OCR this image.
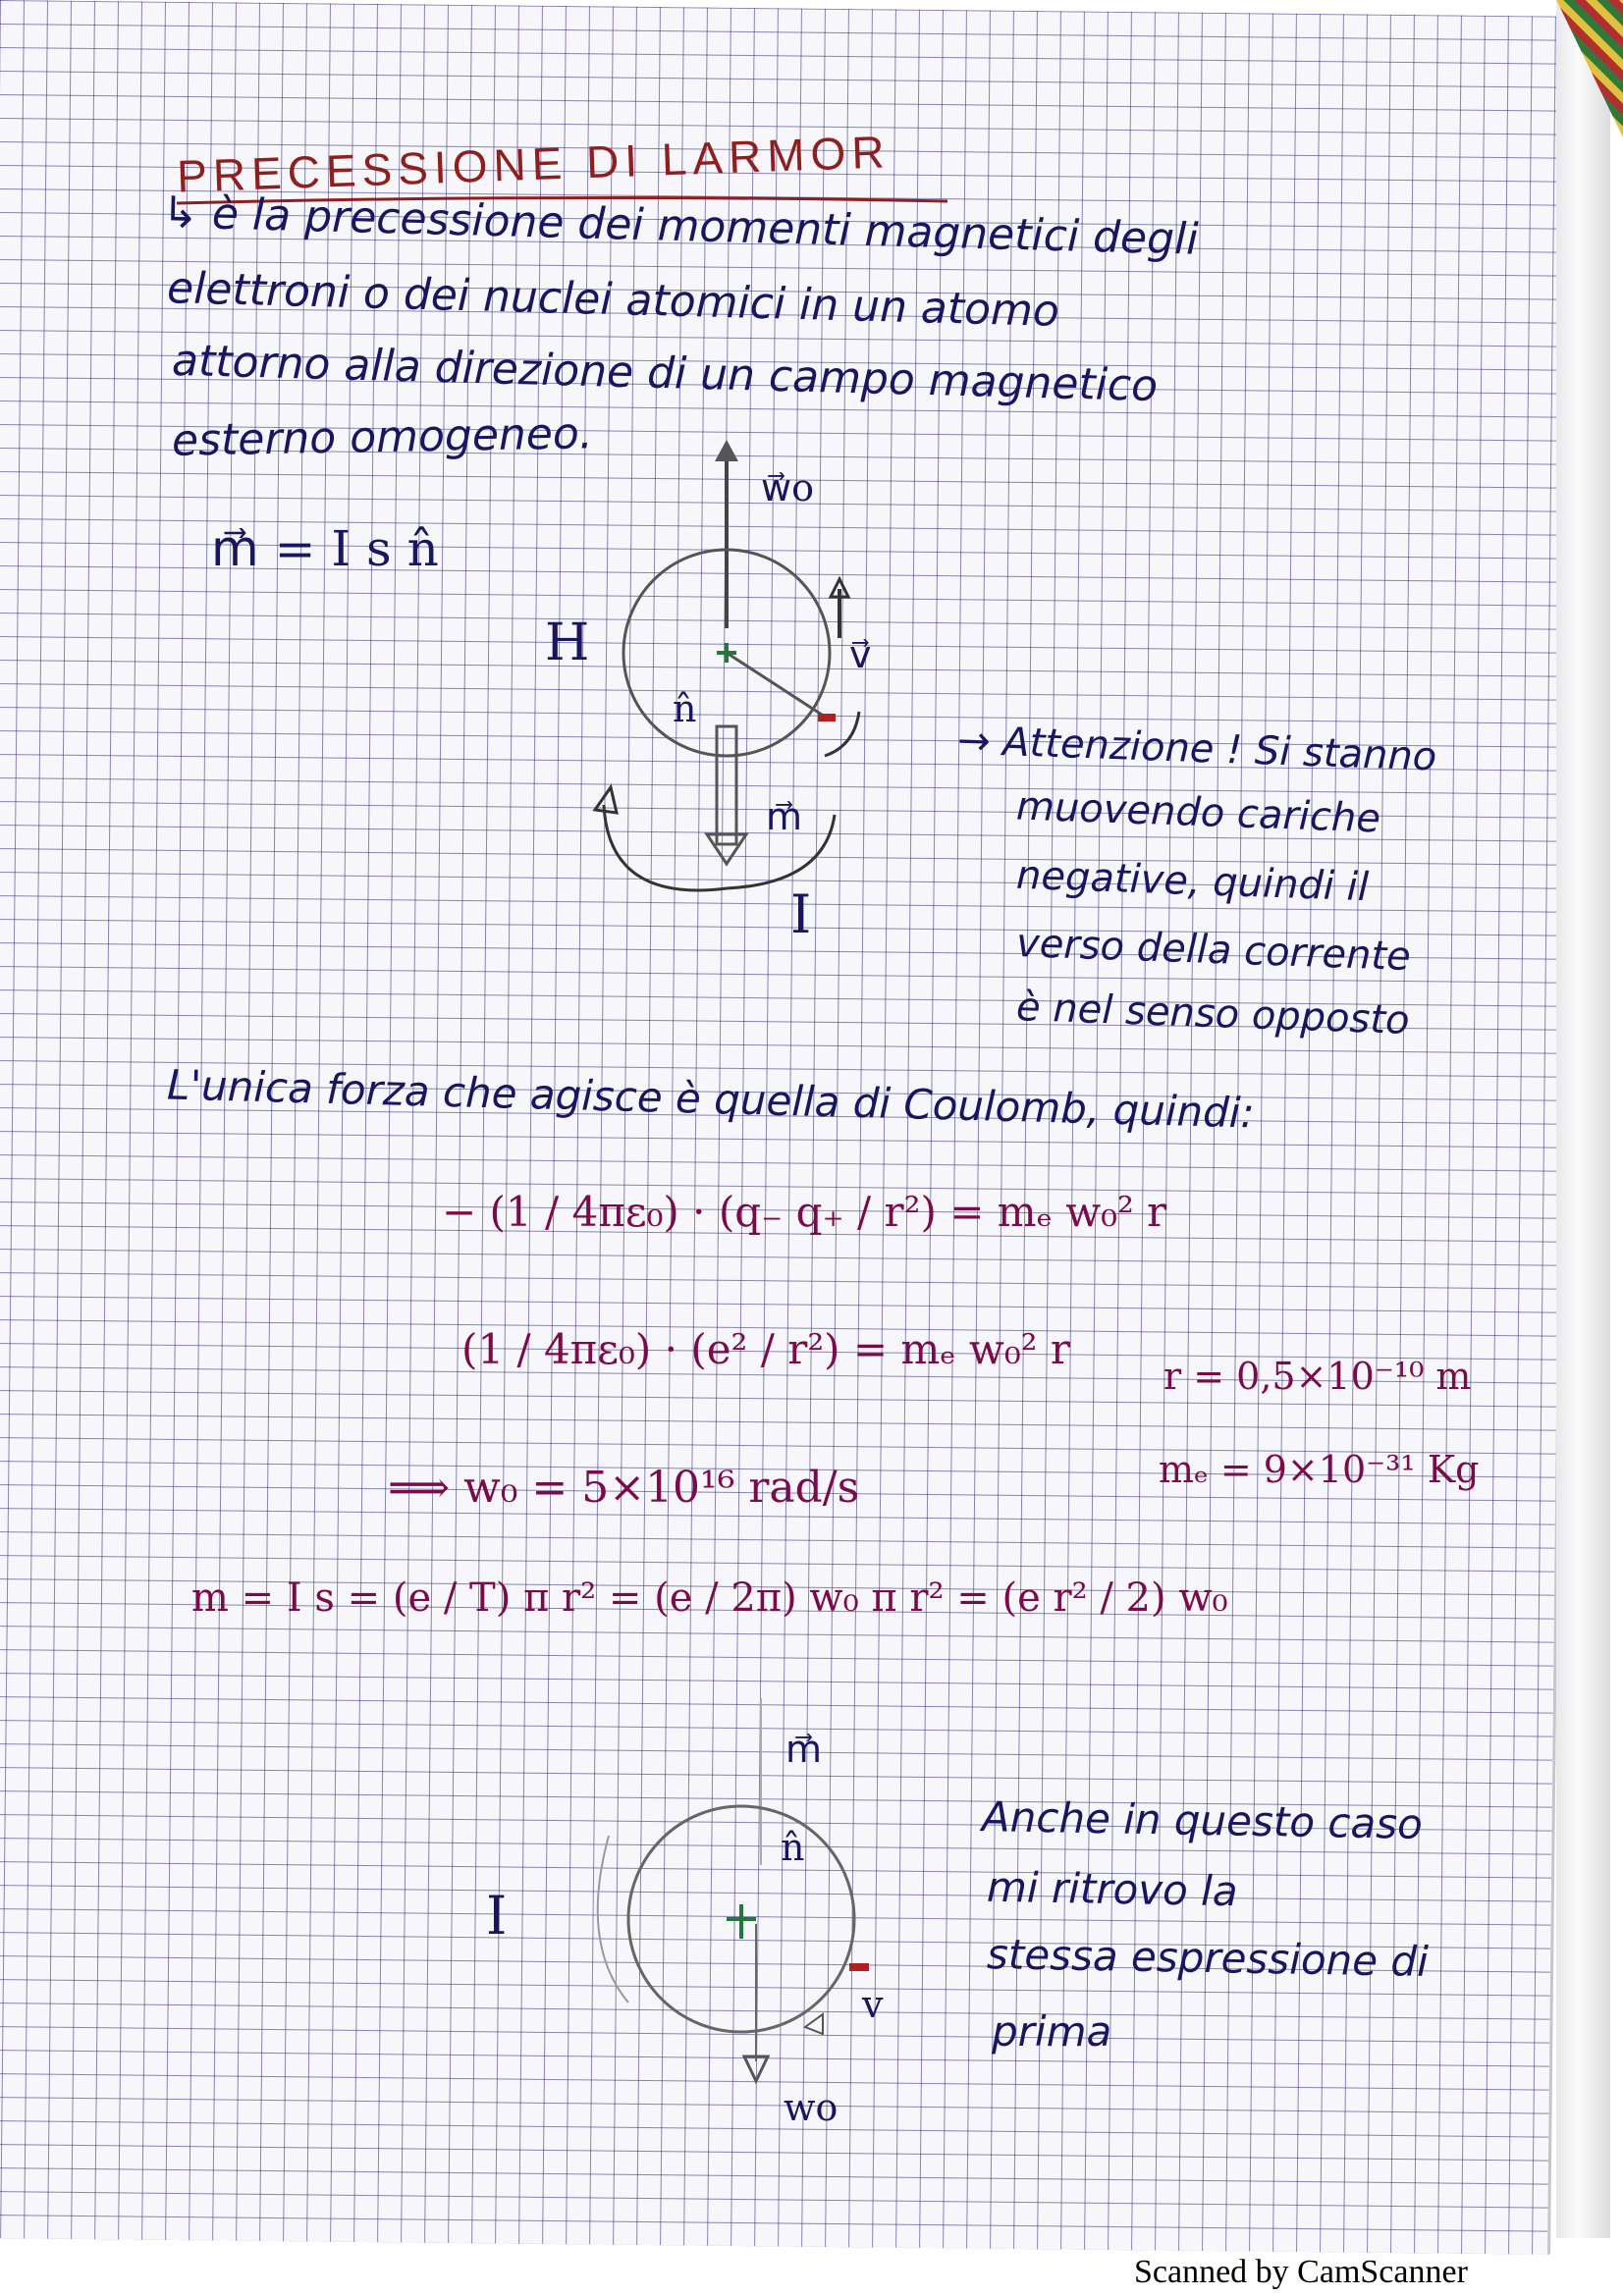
PRECESSIONE DI LARMOR
↳ è la precessione dei momenti magnetici degli
elettroni o dei nuclei atomici in un atomo
attorno alla direzione di un campo magnetico
esterno omogeneo.
m⃗ = I s n̂
H
w⃗o
v⃗
n̂
m⃗
I
→ Attenzione ! Si stanno
muovendo cariche
negative, quindi il
verso della corrente
è nel senso opposto
L'unica forza che agisce è quella di Coulomb, quindi:
− (1 / 4πε₀) · (q₋ q₊ / r²) = mₑ w₀² r
(1 / 4πε₀) · (e² / r²) = mₑ w₀² r
r = 0,5×10⁻¹⁰ m
⟹ w₀ = 5×10¹⁶ rad/s	mₑ = 9×10⁻³¹ Kg
m = I s = (e / T) π r² = (e / 2π) w₀ π r² = (e r² / 2) w₀
m⃗
n̂
I
v
wo
Anche in questo caso
mi ritrovo la
stessa espressione di
prima
Scanned by CamScanner
